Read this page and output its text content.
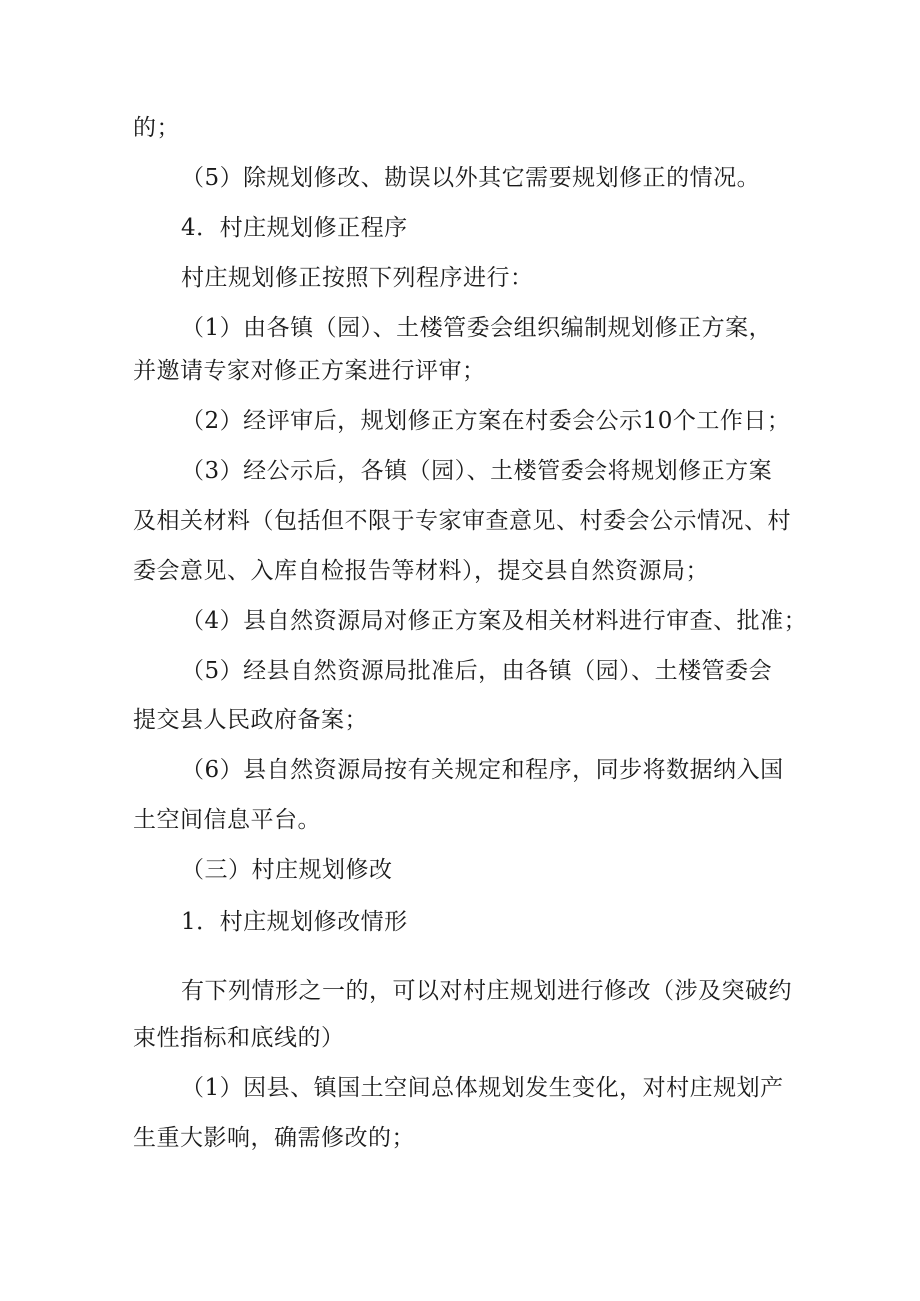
的；
（5）除规划修改、勘误以外其它需要规划修正的情况。
4．村庄规划修正程序
村庄规划修正按照下列程序进行：
（1）由各镇（园）、土楼管委会组织编制规划修正方案，
并邀请专家对修正方案进行评审；
（2）经评审后，规划修正方案在村委会公示10个工作日；
（3）经公示后，各镇（园）、土楼管委会将规划修正方案
及相关材料（包括但不限于专家审查意见、村委会公示情况、村
委会意见、入库自检报告等材料），提交县自然资源局；
（4）县自然资源局对修正方案及相关材料进行审查、批准；
（5）经县自然资源局批准后，由各镇（园）、土楼管委会
提交县人民政府备案；
（6）县自然资源局按有关规定和程序，同步将数据纳入国
土空间信息平台。
（三）村庄规划修改
1．村庄规划修改情形
有下列情形之一的，可以对村庄规划进行修改（涉及突破约
束性指标和底线的）
（1）因县、镇国土空间总体规划发生变化，对村庄规划产
生重大影响，确需修改的；
